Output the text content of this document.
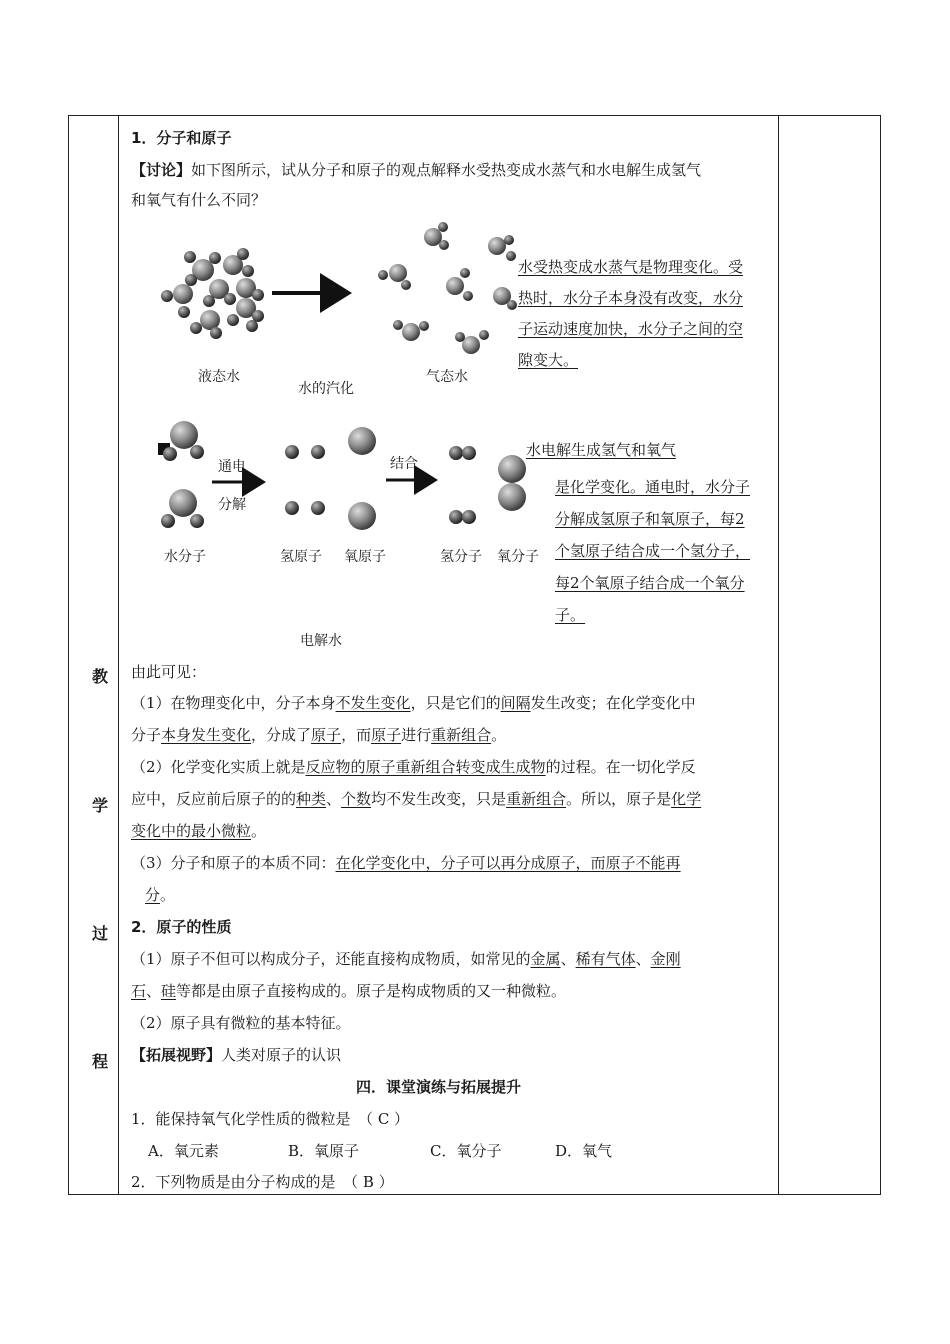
教
学
过
程
1．分子和原子
【讨论】如下图所示，试从分子和原子的观点解释水受热变成水蒸气和水电解生成氢气
和氧气有什么不同？
液态水
水的汽化
气态水
水受热变成水蒸气是物理变化。受
热时，水分子本身没有改变，水分
子运动速度加快，水分子之间的空
隙变大。
通电
分解
结合
水分子	氢原子 氧原子	氢分子 氧分子
电解水
水电解生成氢气和氧气
是化学变化。通电时，水分子
分解成氢原子和氧原子，每2
个氢原子结合成一个氢分子，
每2个氧原子结合成一个氧分
子。
由此可见：
（1）在物理变化中，分子本身不发生变化，只是它们的间隔发生改变；在化学变化中
分子本身发生变化，分成了原子，而原子进行重新组合。
（2）化学变化实质上就是反应物的原子重新组合转变成生成物的过程。在一切化学反
应中，反应前后原子的的种类、个数均不发生改变，只是重新组合。所以，原子是化学
变化中的最小微粒。
（3）分子和原子的本质不同：在化学变化中，分子可以再分成原子，而原子不能再
分。
2．原子的性质
（1）原子不但可以构成分子，还能直接构成物质，如常见的金属、稀有气体、金刚
石、硅等都是由原子直接构成的。原子是构成物质的又一种微粒。
（2）原子具有微粒的基本特征。
【拓展视野】人类对原子的认识
四．课堂演练与拓展提升
1．能保持氧气化学性质的微粒是　（ C ）
A．氧元素	B．氧原子	C．氧分子	D．氧气
2．下列物质是由分子构成的是　（ B ）
